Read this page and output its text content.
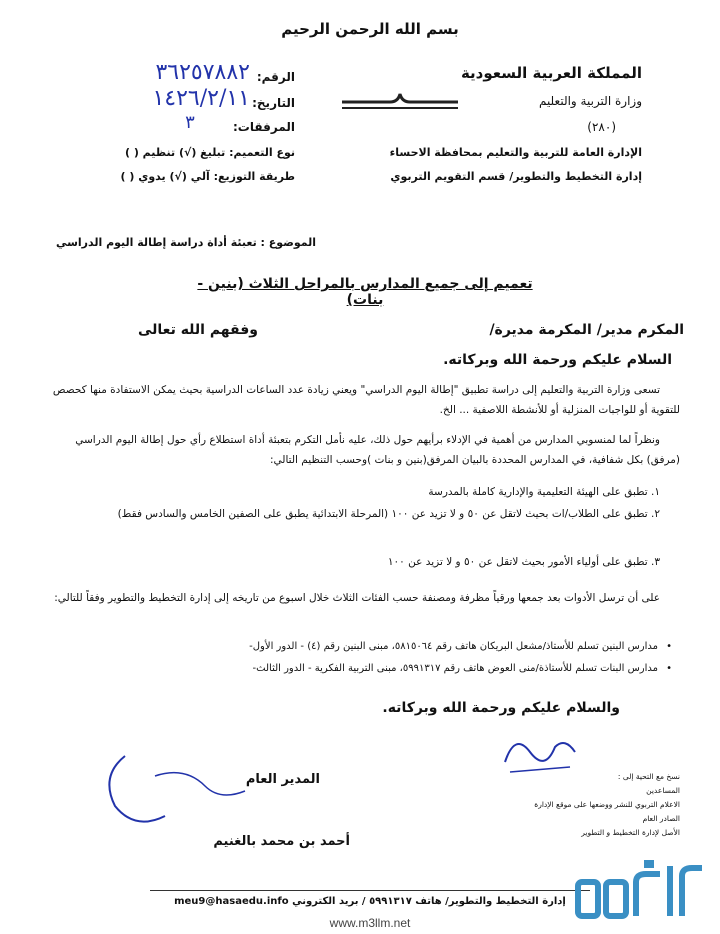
بسم الله الرحمن الرحيم
المملكة العربية السعودية
وزارة التربية والتعليم
(٢٨٠)
الإدارة العامة للتربية والتعليم بمحافظة الاحساء
إدارة التخطيط والتطوير/ قسم التقويم التربوي
الرقم:
٣٦٢٥٧٨٨٢
التاريخ:
١٤٢٦/٢/١١
المرفقات:
٣
نوع التعميم: تبليغ (√) تنظيم ( )
طريقة التوزيع: آلي (√) يدوي ( )
الموضوع : تعبئة أداة دراسة إطالة اليوم الدراسي
تعميم إلى جميع المدارس بالمراحل الثلاث (بنين - بنات)
المكرم مدير/ المكرمة مديرة/
وفقهم الله تعالى
السلام عليكم ورحمة الله وبركاته.
تسعى وزارة التربية والتعليم إلى دراسة تطبيق "إطالة اليوم الدراسي" ويعني زيادة عدد الساعات الدراسية بحيث يمكن الاستفادة منها كحصص للتقوية أو للواجبات المنزلية أو للأنشطة اللاصفية ... الخ.
ونظراً لما لمنسوبي المدارس من أهمية في الإدلاء برأيهم حول ذلك، عليه نأمل التكرم بتعبئة أداة استطلاع رأي حول إطالة اليوم الدراسي (مرفق) بكل شفافية، في المدارس المحددة بالبيان المرفق(بنين و بنات )وحسب التنظيم التالي:
١. تطبق على الهيئة التعليمية والإدارية كاملة بالمدرسة
٢. تطبق على الطلاب/ات بحيث لاتقل عن ٥٠ و لا تزيد عن ١٠٠ (المرحلة الابتدائية يطبق على الصفين الخامس والسادس فقط)
٣. تطبق على أولياء الأمور بحيث لاتقل عن ٥٠ و لا تزيد عن ١٠٠
على أن ترسل الأدوات بعد جمعها ورقياً مظرفة ومصنفة حسب الفئات الثلاث خلال اسبوع من تاريخه إلى إدارة التخطيط والتطوير وفقاً للتالي:
• مدارس البنين تسلم للأستاذ/مشعل البريكان هاتف رقم ٥٨١٥٠٦٤، مبنى البنين رقم (٤) - الدور الأول-
• مدارس البنات تسلم للأستاذة/منى العوض هاتف رقم ٥٩٩١٣١٧، مبنى التربية الفكرية - الدور الثالث-
والسلام عليكم ورحمة الله وبركاته.
المدير العام
أحمد بن محمد بالغنيم
نسخ مع التحية إلى :
المساعدين
الاعلام التربوي للنشر ووضعها على موقع الإدارة
الصادر العام
الأصل لإدارة التخطيط و التطوير
إدارة التخطيط والتطوير/ هاتف ٥٩٩١٣١٧ / بريد الكتروني meu9@hasaedu.info
www.m3llm.net
